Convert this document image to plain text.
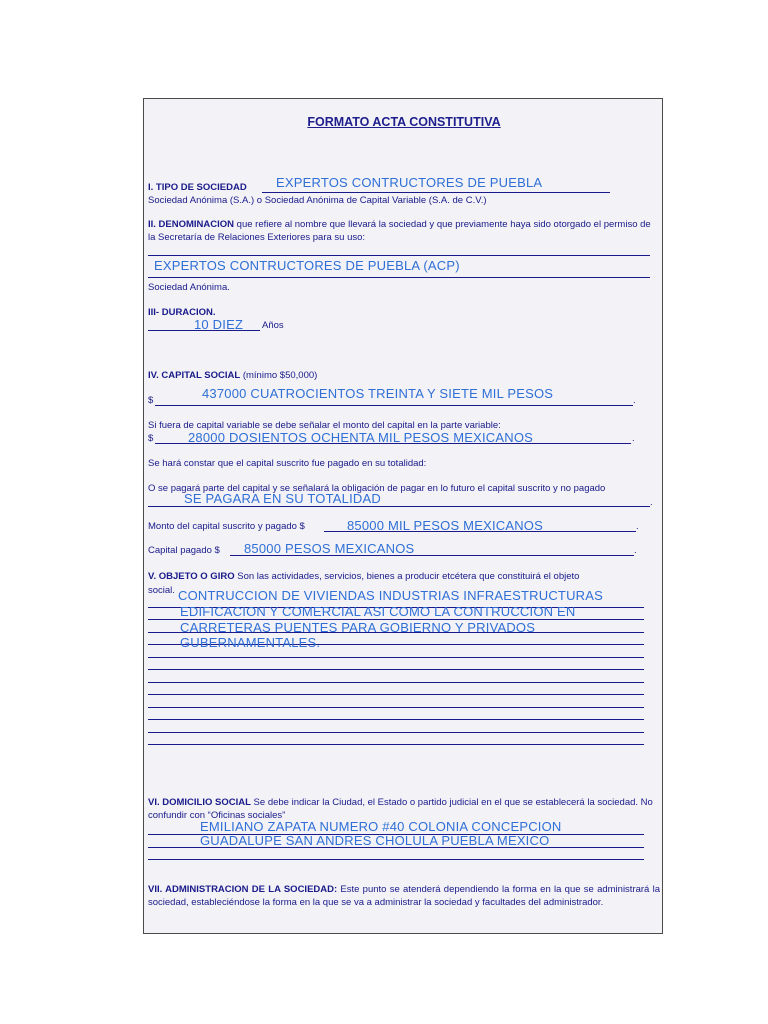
FORMATO ACTA CONSTITUTIVA
I. TIPO DE SOCIEDAD EXPERTOS CONTRUCTORES DE PUEBLA
Sociedad Anónima (S.A.) o Sociedad Anónima de Capital Variable (S.A. de C.V.)
II. DENOMINACION que refiere al nombre que llevará la sociedad y que previamente haya sido otorgado el permiso de la Secretaría de Relaciones Exteriores para su uso:
EXPERTOS CONTRUCTORES DE PUEBLA (ACP)
Sociedad Anónima.
III- DURACION.
10 DIEZ Años
IV. CAPITAL SOCIAL (mínimo $50,000)
$	437000 CUATROCIENTOS TREINTA Y SIETE MIL PESOS	.
Si fuera de capital variable se debe señalar el monto del capital en la parte variable:
$	28000 DOSIENTOS OCHENTA MIL PESOS MEXICANOS	.
Se hará constar que el capital suscrito fue pagado en su totalidad:
O se pagará parte del capital y se señalará la obligación de pagar en lo futuro el capital suscrito y no pagado
SE PAGARA EN SU TOTALIDAD	.
Monto del capital suscrito y pagado $	85000 MIL PESOS MEXICANOS	.
Capital pagado $ 85000 PESOS MEXICANOS	.
V. OBJETO O GIRO Son las actividades, servicios, bienes a producir etcétera que constituirá el objeto
social. CONTRUCCION DE VIVIENDAS INDUSTRIAS INFRAESTRUCTURAS
EDIFICACION Y COMERCIAL ASI COMO LA CONTRUCCION EN
CARRETERAS PUENTES PARA GOBIERNO Y PRIVADOS
GUBERNAMENTALES.
VI. DOMICILIO SOCIAL Se debe indicar la Ciudad, el Estado o partido judicial en el que se establecerá la sociedad. No confundir con “Oficinas sociales”
EMILIANO ZAPATA NUMERO #40 COLONIA CONCEPCION
GUADALUPE SAN ANDRES CHOLULA PUEBLA MEXICO
VII. ADMINISTRACION DE LA SOCIEDAD: Este punto se atenderá dependiendo la forma en la que se administrará la sociedad, estableciéndose la forma en la que se va a administrar la sociedad y facultades del administrador.
